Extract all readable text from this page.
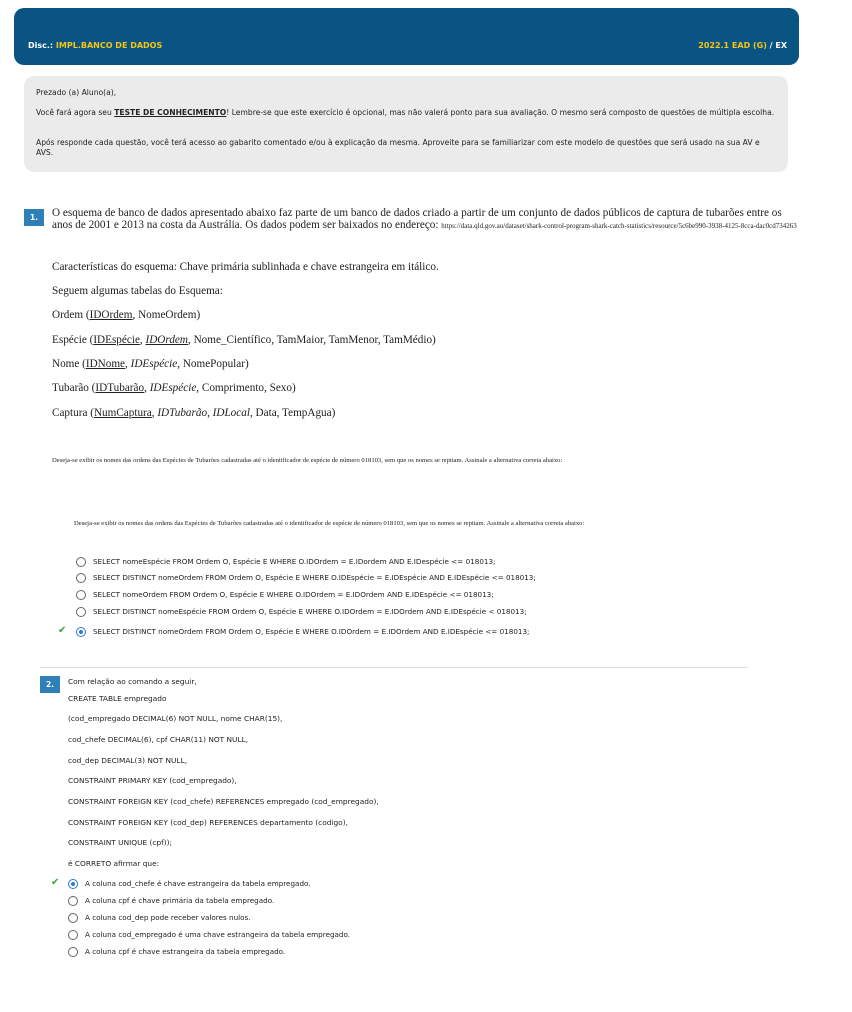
Disc.: IMPL.BANCO DE DADOS	2022.1 EAD (G) / EX

Prezado (a) Aluno(a),

Você fará agora seu TESTE DE CONHECIMENTO! Lembre-se que este exercício é opcional, mas não valerá ponto para sua avaliação. O mesmo será composto de questões de múltipla escolha.

Após responde cada questão, você terá acesso ao gabarito comentado e/ou à explicação da mesma. Aproveite para se familiarizar com este modelo de questões que será usado na sua AV e AVS.

1.	O esquema de banco de dados apresentado abaixo faz parte de um banco de dados criado a partir de um conjunto de dados públicos de captura de tubarões entre os anos de 2001 e 2013 na costa da Austrália. Os dados podem ser baixados no endereço: https://data.qld.gov.au/dataset/shark-control-program-shark-catch-statistics/resource/5c6be990-3938-4125-8cca-dac0cd734263
Características do esquema: Chave primária sublinhada e chave estrangeira em itálico.
Seguem algumas tabelas do Esquema:
Ordem (IDOrdem, NomeOrdem)
Espécie (IDEspécie, IDOrdem, Nome_Científico, TamMaior, TamMenor, TamMédio)
Nome (IDNome, IDEspécie, NomePopular)
Tubarão (IDTubarão, IDEspécie, Comprimento, Sexo)
Captura (NumCaptura, IDTubarão, IDLocal, Data, TempAgua)
Deseja-se exibir os nomes das ordens das Espécies de Tubarões cadastradas até o identificador de espécie de número 018103, sem que os nomes se repitam. Assinale a alternativa correta abaixo:
Deseja-se exibir os nomes das ordens das Espécies de Tubarões cadastradas até o identificador de espécie de número 018103, sem que os nomes se repitam. Assinale a alternativa correta abaixo:
SELECT nomeEspécie FROM Ordem O, Espécie E WHERE O.IDOrdem = E.IDordem AND E.IDespécie <= 018013;
SELECT DISTINCT nomeOrdem FROM Ordem O, Espécie E WHERE O.IDEspécie = E.IDEspécie AND E.IDEspécie <= 018013;
SELECT nomeOrdem FROM Ordem O, Espécie E WHERE O.IDOrdem = E.IDOrdem AND E.IDEspécie <= 018013;
SELECT DISTINCT nomeEspécie FROM Ordem O, Espécie E WHERE O.IDOrdem = E.IDOrdem AND E.IDEspécie < 018013;
✔	SELECT DISTINCT nomeOrdem FROM Ordem O, Espécie E WHERE O.IDOrdem = E.IDOrdem AND E.IDEspécie <= 018013;
2.	Com relação ao comando a seguir,
CREATE TABLE empregado
(cod_empregado DECIMAL(6) NOT NULL, nome CHAR(15),
cod_chefe DECIMAL(6), cpf CHAR(11) NOT NULL,
cod_dep DECIMAL(3) NOT NULL,
CONSTRAINT PRIMARY KEY (cod_empregado),
CONSTRAINT FOREIGN KEY (cod_chefe) REFERENCES empregado (cod_empregado),
CONSTRAINT FOREIGN KEY (cod_dep) REFERENCES departamento (codigo),
CONSTRAINT UNIQUE (cpf));
é CORRETO afirmar que:
✔	A coluna cod_chefe é chave estrangeira da tabela empregado.
A coluna cpf é chave primária da tabela empregado.
A coluna cod_dep pode receber valores nulos.
A coluna cod_empregado é uma chave estrangeira da tabela empregado.
A coluna cpf é chave estrangeira da tabela empregado.
